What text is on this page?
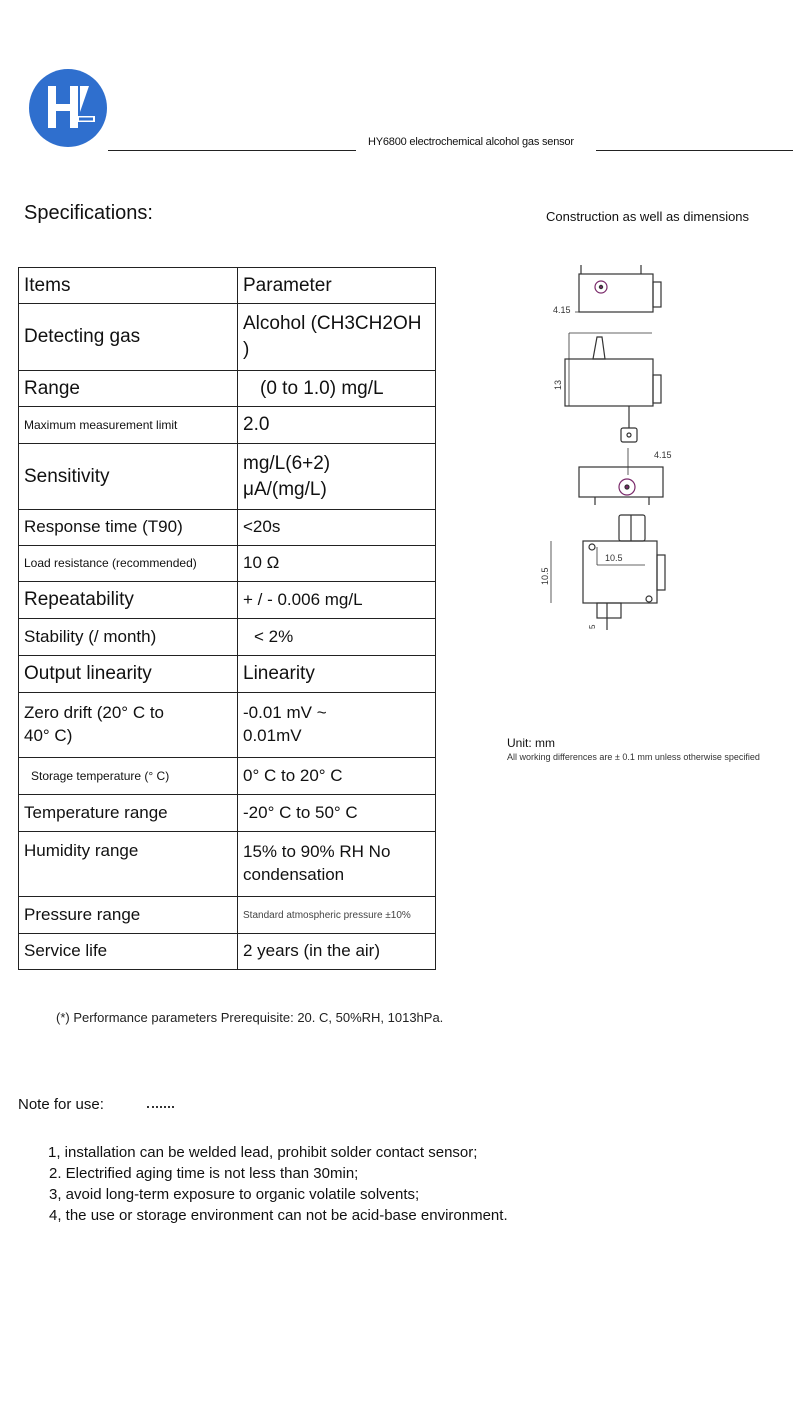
HY6800 electrochemical alcohol gas sensor
Specifications:	Construction as well as dimensions
Items	Parameter
Detecting gas	Alcohol (CH3CH2OH )
Range	(0 to 1.0) mg/L
Maximum measurement limit	2.0
Sensitivity	mg/L(6+2) μA/(mg/L)
Response time (T90)	<20s
Load resistance (recommended)	10 Ω
Repeatability	+ / - 0.006 mg/L
Stability (/ month)	< 2%
Output linearity	Linearity
Zero drift (20° C to 40° C)	-0.01 mV ~ 0.01mV
Storage temperature (° C)	0° C to 20° C
Temperature range	-20° C to 50° C
Humidity range	15% to 90% RH No condensation
Pressure range	Standard atmospheric pressure ±10%
Service life	2 years (in the air)
4.15
13
4.15
10.5
10.5
5
Unit: mm
All working differences are ± 0.1 mm unless otherwise specified
(*) Performance parameters Prerequisite: 20. C, 50%RH, 1013hPa.
Note for use:
1, installation can be welded lead, prohibit solder contact sensor;
2. Electrified aging time is not less than 30min;
3, avoid long-term exposure to organic volatile solvents;
4, the use or storage environment can not be acid-base environment.
